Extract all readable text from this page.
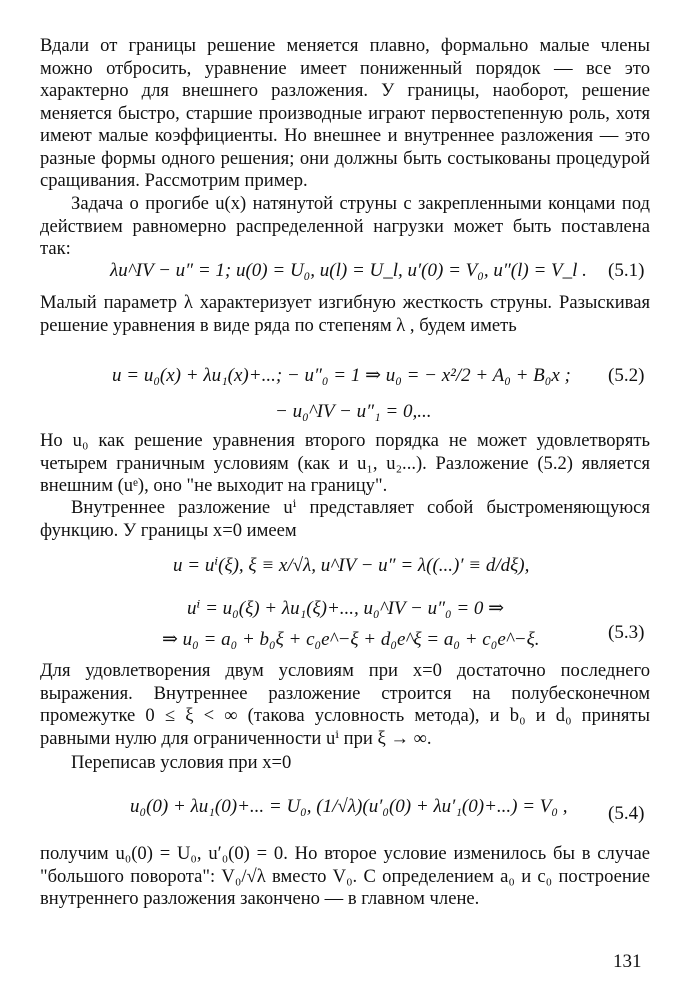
Вдали от границы решение меняется плавно, формально малые члены можно отбросить, уравнение имеет пониженный порядок — все это характерно для внешнего разложения. У границы, наоборот, решение меняется быстро, старшие производные играют первостепенную роль, хотя имеют малые коэффициенты. Но внешнее и внутреннее разложения — это разные формы одного решения; они должны быть состыкованы процедурой сращивания. Рассмотрим пример.

Задача о прогибе u(x) натянутой струны с закрепленными концами под действием равномерно распределенной нагрузки может быть поставлена так:

λu^IV − u″ = 1; u(0) = U₀, u(l) = U_l, u′(0) = V₀, u″(l) = V_l . (5.1)

Малый параметр λ характеризует изгибную жесткость струны. Разыскивая решение уравнения в виде ряда по степеням λ , будем иметь

u = u₀(x) + λu₁(x)+...; − u″₀ = 1 ⇒ u₀ = − x²/2 + A₀ + B₀x ; (5.2)
− u₀^IV − u″₁ = 0,...

Но u₀ как решение уравнения второго порядка не может удовлетворять четырем граничным условиям (как и u₁, u₂...). Разложение (5.2) является внешним (uᵉ), оно "не выходит на границу".

Внутреннее разложение uⁱ представляет собой быстроменяющуюся функцию. У границы x=0 имеем

u = uⁱ(ξ), ξ ≡ x/√λ, u^IV − u″ = λ((...)′ ≡ d/dξ),
uⁱ = u₀(ξ) + λu₁(ξ)+..., u₀^IV − u″₀ = 0 ⇒
⇒ u₀ = a₀ + b₀ξ + c₀e^−ξ + d₀e^ξ = a₀ + c₀e^−ξ.	(5.3)

Для удовлетворения двум условиям при x=0 достаточно последнего выражения. Внутреннее разложение строится на полубесконечном промежутке 0 ≤ ξ < ∞ (такова условность метода), и b₀ и d₀ приняты равными нулю для ограниченности uⁱ при ξ → ∞.

Переписав условия при x=0

u₀(0) + λu₁(0)+... = U₀, (1/√λ)(u′₀(0) + λu′₁(0)+...) = V₀ , (5.4)

получим u₀(0) = U₀, u′₀(0) = 0. Но второе условие изменилось бы в случае "большого поворота": V₀/√λ вместо V₀. С определением a₀ и c₀ построение внутреннего разложения закончено — в главном члене.

131
